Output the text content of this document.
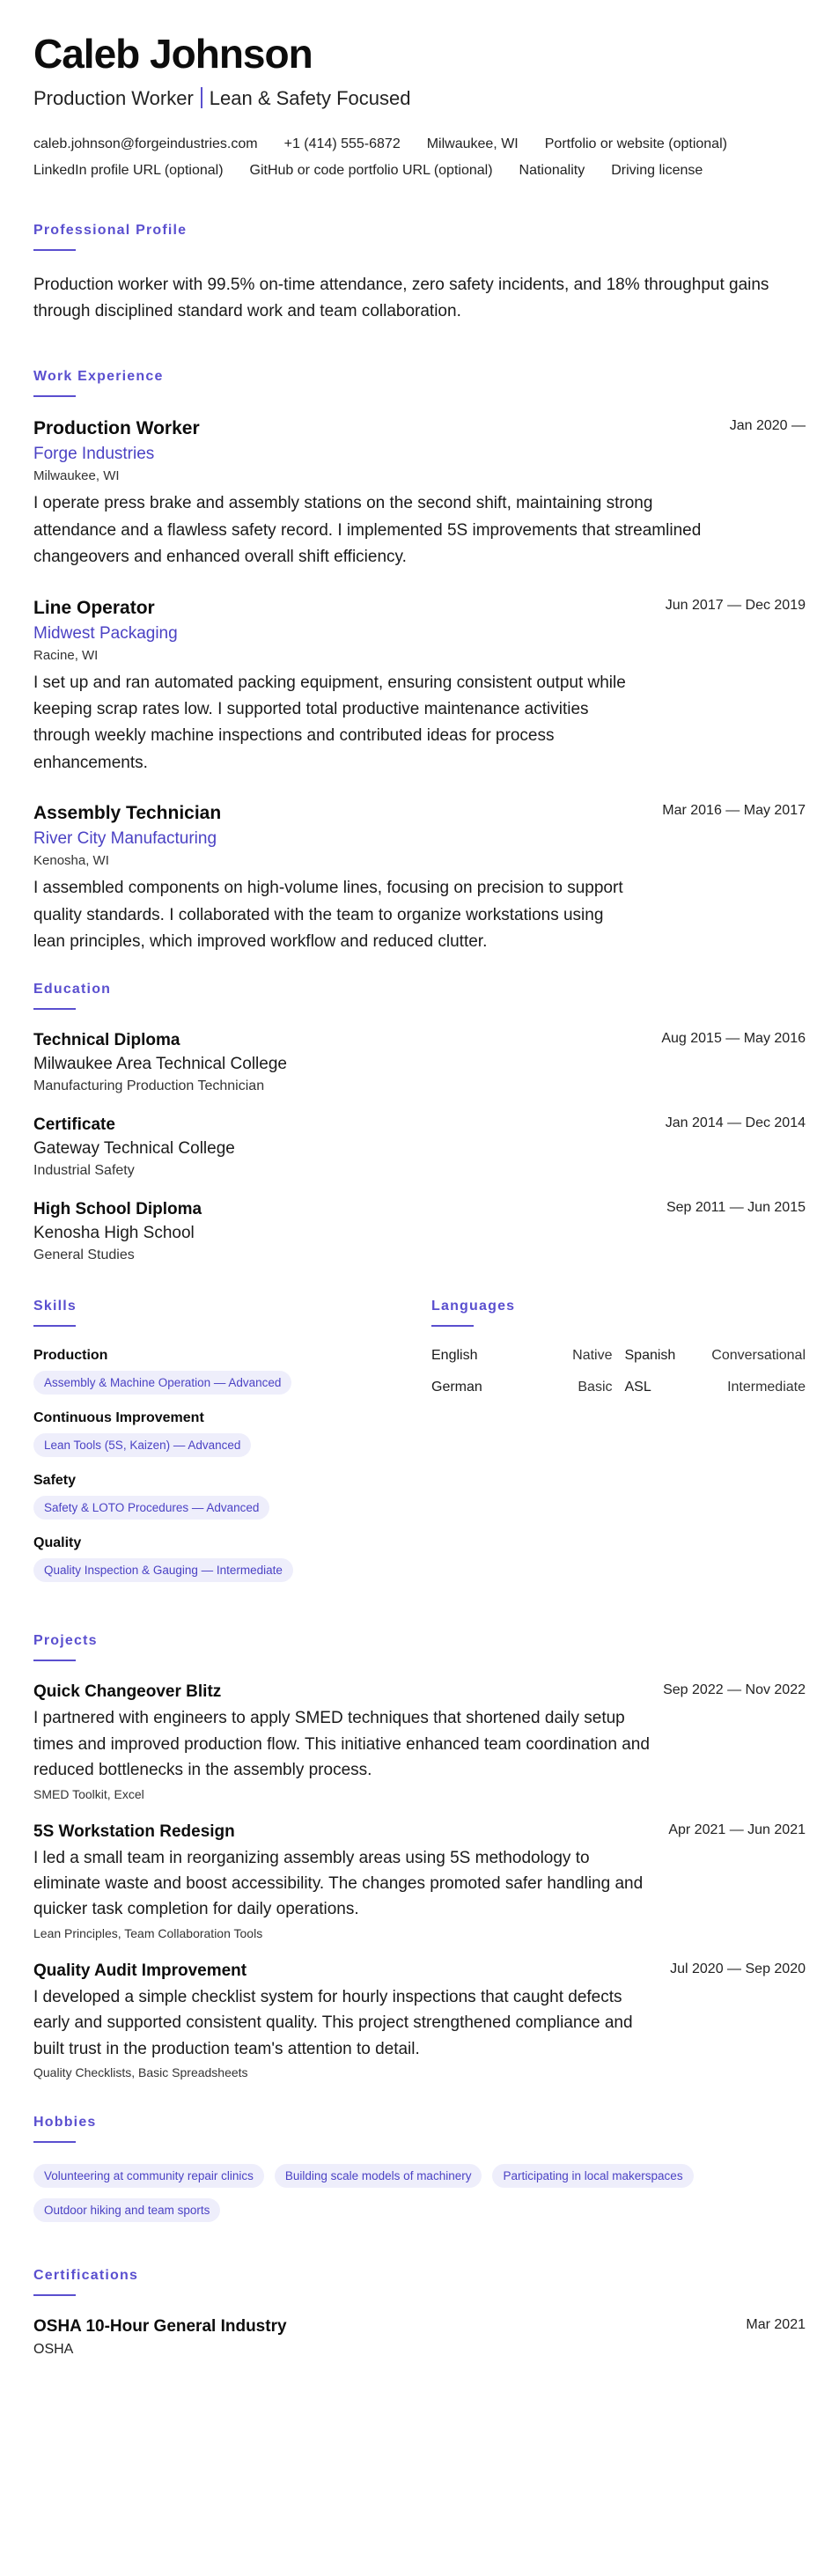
Caleb Johnson
Production Worker Lean & Safety Focused
caleb.johnson@forgeindustries.com +1 (414) 555-6872 Milwaukee, WI Portfolio or website (optional)
LinkedIn profile URL (optional) GitHub or code portfolio URL (optional) Nationality Driving license
Professional Profile
Production worker with 99.5% on-time attendance, zero safety incidents, and 18% throughput gains through disciplined standard work and team collaboration.
Work Experience
Production Worker	Jan 2020 —
Forge Industries
Milwaukee, WI
I operate press brake and assembly stations on the second shift, maintaining strong attendance and a flawless safety record. I implemented 5S improvements that streamlined changeovers and enhanced overall shift efficiency.
Line Operator	Jun 2017 — Dec 2019
Midwest Packaging
Racine, WI
I set up and ran automated packing equipment, ensuring consistent output while keeping scrap rates low. I supported total productive maintenance activities through weekly machine inspections and contributed ideas for process enhancements.
Assembly Technician	Mar 2016 — May 2017
River City Manufacturing
Kenosha, WI
I assembled components on high-volume lines, focusing on precision to support quality standards. I collaborated with the team to organize workstations using lean principles, which improved workflow and reduced clutter.
Education
Technical Diploma	Aug 2015 — May 2016
Milwaukee Area Technical College
Manufacturing Production Technician
Certificate	Jan 2014 — Dec 2014
Gateway Technical College
Industrial Safety
High School Diploma	Sep 2011 — Jun 2015
Kenosha High School
General Studies
Skills
Production
Assembly & Machine Operation — Advanced
Continuous Improvement
Lean Tools (5S, Kaizen) — Advanced
Safety
Safety & LOTO Procedures — Advanced
Quality
Quality Inspection & Gauging — Intermediate
Languages
English	Native Spanish	Conversational
German	Basic ASL	Intermediate
Projects
Quick Changeover Blitz	Sep 2022 — Nov 2022
I partnered with engineers to apply SMED techniques that shortened daily setup times and improved production flow. This initiative enhanced team coordination and reduced bottlenecks in the assembly process.
SMED Toolkit, Excel
5S Workstation Redesign	Apr 2021 — Jun 2021
I led a small team in reorganizing assembly areas using 5S methodology to eliminate waste and boost accessibility. The changes promoted safer handling and quicker task completion for daily operations.
Lean Principles, Team Collaboration Tools
Quality Audit Improvement	Jul 2020 — Sep 2020
I developed a simple checklist system for hourly inspections that caught defects early and supported consistent quality. This project strengthened compliance and built trust in the production team's attention to detail.
Quality Checklists, Basic Spreadsheets
Hobbies
Volunteering at community repair clinics	Building scale models of machinery	Participating in local makerspaces
Outdoor hiking and team sports
Certifications
OSHA 10-Hour General Industry	Mar 2021
OSHA
